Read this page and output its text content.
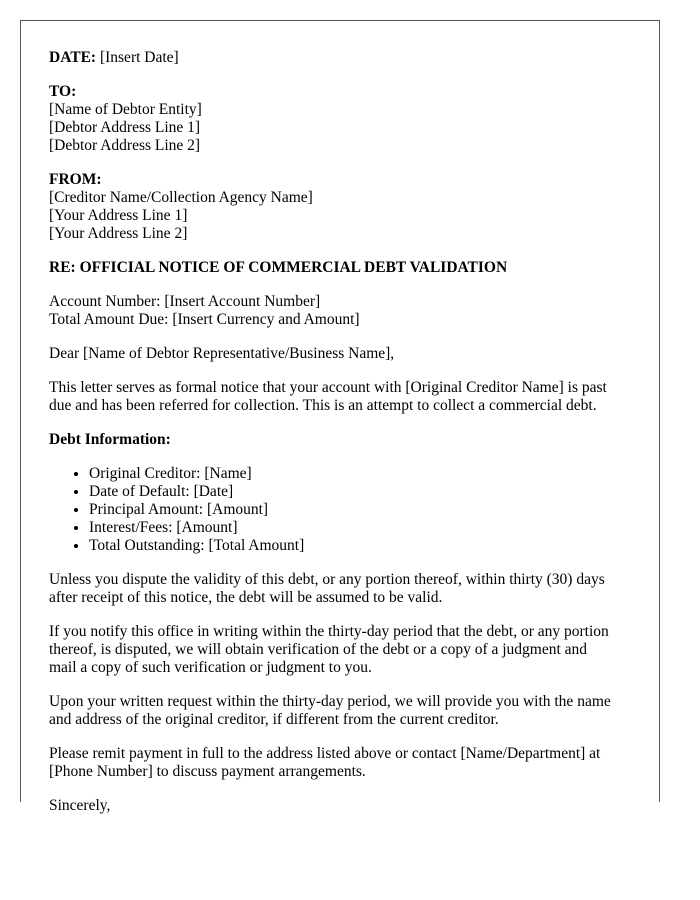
DATE: [Insert Date]
TO:
[Name of Debtor Entity]
[Debtor Address Line 1]
[Debtor Address Line 2]
FROM:
[Creditor Name/Collection Agency Name]
[Your Address Line 1]
[Your Address Line 2]
RE: OFFICIAL NOTICE OF COMMERCIAL DEBT VALIDATION
Account Number: [Insert Account Number]
Total Amount Due: [Insert Currency and Amount]

Dear [Name of Debtor Representative/Business Name],

This letter serves as formal notice that your account with [Original Creditor Name] is past
due and has been referred for collection. This is an attempt to collect a commercial debt.

Debt Information:
• Original Creditor: [Name]
• Date of Default: [Date]
• Principal Amount: [Amount]
• Interest/Fees: [Amount]
• Total Outstanding: [Total Amount]

Unless you dispute the validity of this debt, or any portion thereof, within thirty (30) days
after receipt of this notice, the debt will be assumed to be valid.

If you notify this office in writing within the thirty-day period that the debt, or any portion
thereof, is disputed, we will obtain verification of the debt or a copy of a judgment and
mail a copy of such verification or judgment to you.

Upon your written request within the thirty-day period, we will provide you with the name
and address of the original creditor, if different from the current creditor.

Please remit payment in full to the address listed above or contact [Name/Department] at
[Phone Number] to discuss payment arrangements.

Sincerely,
